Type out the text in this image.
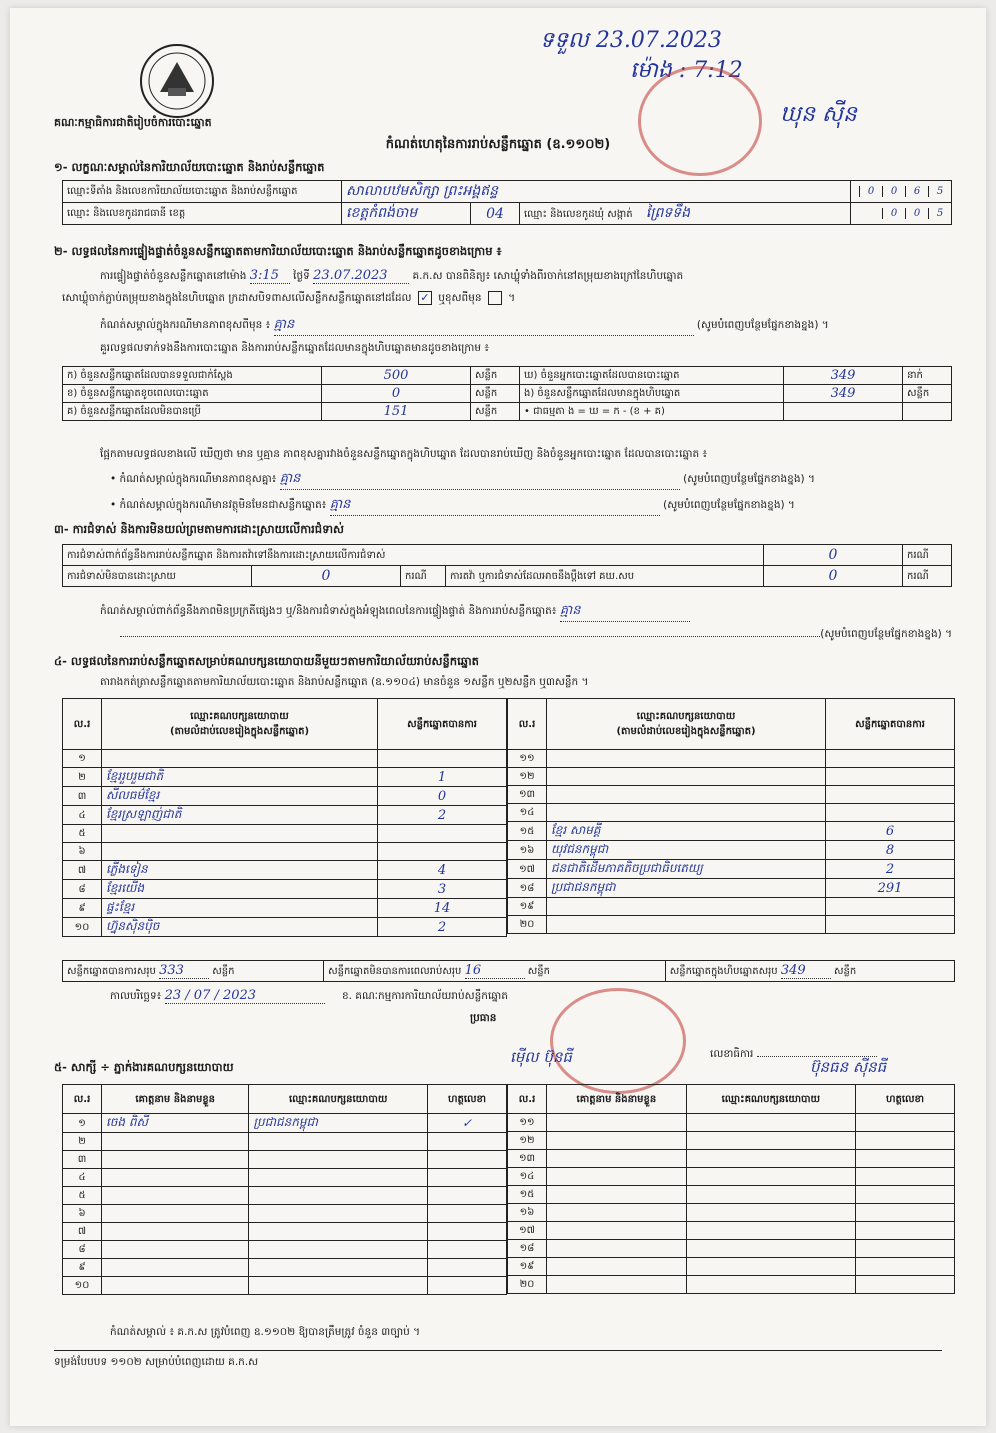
ទទួល 23.07.2023
ម៉ោង : 7:12
ឃុន ស៊ីន
គណៈកម្មាធិការជាតិរៀបចំការបោះឆ្នោត
កំណត់ហេតុនៃការរាប់សន្លឹកឆ្នោត (ឧ.១១០២)
១- លក្ខណៈសម្គាល់នៃការិយាល័យបោះឆ្នោត និងរាប់សន្លឹកឆ្នោត
ឈ្មោះទីតាំង និងលេខការិយាល័យបោះឆ្នោត និងរាប់សន្លឹកឆ្នោត	សាលាបឋមសិក្សា ព្រះអង្គឥន្ទ			0 0 6 5
ឈ្មោះ និងលេខកូដរាជធានី ខេត្ត	ខេត្តកំពង់ចាម	04	ឈ្មោះ និងលេខកូដឃុំ សង្កាត់ ព្រៃទទឹង	0 0 5
២- លទ្ធផលនៃការផ្ទៀងផ្ទាត់ចំនួនសន្លឹកឆ្នោតតាមការិយាល័យបោះឆ្នោត និងរាប់សន្លឹកឆ្នោតដូចខាងក្រោម ៖
ការផ្ទៀងផ្ទាត់ចំនួនសន្លឹកឆ្នោតនៅម៉ោង 3:15 ថ្ងៃទី 23.07.2023 គ.ក.ស បានពិនិត្យ៖ សោឃ្លុំទាំងពីរចាក់នៅតម្រុយខាងក្រៅនៃហិបឆ្នោត
សោឃ្លុំចាក់ភ្ជាប់តម្រុយខាងក្នុងនៃហិបឆ្នោត ក្រដាសបិទពាសលើសន្លឹកសន្លឹកឆ្នោតនៅដដែល ✓ ឬខុសពីមុន  ។
កំណត់សម្គាល់ក្នុងករណីមានភាពខុសពីមុន ៖ គ្មាន	(សូមបំពេញបន្ថែមផ្នែកខាងខ្នង) ។
គួរលទ្ធផលទាក់ទងនឹងការបោះឆ្នោត និងការរាប់សន្លឹកឆ្នោតដែលមានក្នុងហិបឆ្នោតមានដូចខាងក្រោម ៖
ក) ចំនួនសន្លឹកឆ្នោតដែលបានទទួលជាក់ស្តែង	500	សន្លឹក	ឃ) ចំនួនអ្នកបោះឆ្នោតដែលបានបោះឆ្នោត	349	នាក់
ខ) ចំនួនសន្លឹកឆ្នោតខូចពេលបោះឆ្នោត	0	សន្លឹក	ង) ចំនួនសន្លឹកឆ្នោតដែលមានក្នុងហិបឆ្នោត	349	សន្លឹក
គ) ចំនួនសន្លឹកឆ្នោតដែលមិនបានប្រើ	151	សន្លឹក	• ជាធម្មតា ង = ឃ = ក - (ខ + គ)		
ផ្អែកតាមលទ្ធផលខាងលើ ឃើញថា មាន ឬគ្មាន ភាពខុសគ្នារវាងចំនួនសន្លឹកឆ្នោតក្នុងហិបឆ្នោត ដែលបានរាប់ឃើញ និងចំនួនអ្នកបោះឆ្នោត ដែលបានបោះឆ្នោត ៖
• កំណត់សម្គាល់ក្នុងករណីមានភាពខុសគ្នា៖ គ្មាន	(សូមបំពេញបន្ថែមផ្នែកខាងខ្នង) ។
• កំណត់សម្គាល់ក្នុងករណីមានវត្ថុមិនមែនជាសន្លឹកឆ្នោត៖ គ្មាន	(សូមបំពេញបន្ថែមផ្នែកខាងខ្នង) ។
៣- ការជំទាស់ និងការមិនយល់ព្រមតាមការដោះស្រាយលើការជំទាស់
ការជំទាស់ពាក់ព័ន្ធនឹងការរាប់សន្លឹកឆ្នោត និងការតវ៉ាទៅនឹងការដោះស្រាយលើការជំទាស់				0	ករណី
ការជំទាស់មិនបានដោះស្រាយ	0	ករណី	ការតវ៉ា ឬការជំទាស់ដែលអាចនឹងប្តឹងទៅ គឃ.សប	0	ករណី
កំណត់សម្គាល់ពាក់ព័ន្ធនឹងភាពមិនប្រក្រតីផ្សេងៗ ឬ/និងការជំទាស់ក្នុងអំឡុងពេលនៃការផ្ទៀងផ្ទាត់ និងការរាប់សន្លឹកឆ្នោត៖ គ្មាន
(សូមបំពេញបន្ថែមផ្នែកខាងខ្នង) ។
៤- លទ្ធផលនៃការរាប់សន្លឹកឆ្នោតសម្រាប់គណបក្សនយោបាយនីមួយៗតាមការិយាល័យរាប់សន្លឹកឆ្នោត
តារាងកត់ត្រាសន្លឹកឆ្នោតតាមការិយាល័យបោះឆ្នោត និងរាប់សន្លឹកឆ្នោត (ឧ.១១០៤) មានចំនួន ១សន្លឹក ឬ២សន្លឹក ឬ៣សន្លឹក ។
ល.រ	ឈ្មោះគណបក្សនយោបាយ
(តាមលំដាប់លេខរៀងក្នុងសន្លឹកឆ្នោត)	សន្លឹកឆ្នោតបានការ
១		
២	ខ្មែររួបរួមជាតិ	1
៣	សីលធម៌ខ្មែរ	0
៤	ខ្មែរស្រឡាញ់ជាតិ	2
៥		
៦		
៧	ភ្លើងទៀន	4
៨	ខ្មែរយើង	3
៩	ផ្ទះខ្មែរ	14
១០	ហ្វ៊ុនស៊ិនប៉ិច	2
ល.រ	ឈ្មោះគណបក្សនយោបាយ
(តាមលំដាប់លេខរៀងក្នុងសន្លឹកឆ្នោត)	សន្លឹកឆ្នោតបានការ
១១		
១២		
១៣		
១៤		
១៥	ខ្មែរ សាមគ្គី	6
១៦	យុវជនកម្ពុជា	8
១៧	ជនជាតិដើមភាគតិចប្រជាធិបតេយ្យ	2
១៨	ប្រជាជនកម្ពុជា	291
១៩		
២០		
សន្លឹកឆ្នោតបានការសរុប 333	សន្លឹក	សន្លឹកឆ្នោតមិនបានការពេលរាប់សរុប 16	សន្លឹក	សន្លឹកឆ្នោតក្នុងហិបឆ្នោតសរុប 349	សន្លឹក
កាលបរិច្ឆេទ៖ 23 / 07 / 2023	ខ. គណៈកម្មការការិយាល័យរាប់សន្លឹកឆ្នោត
ប្រធាន
ម៉ើល ប៊ុនធី	លេខាធិការ
ប៊ុនធន ស៊ីនធី
៥- សាក្សី ÷ ភ្នាក់ងារគណបក្សនយោបាយ
ល.រ	គោត្តនាម និងនាមខ្លួន	ឈ្មោះគណបក្សនយោបាយ	ហត្ថលេខា
១	ចេង ពិសី	ប្រជាជនកម្ពុជា	✓
២			
៣			
៤			
៥			
៦			
៧			
៨			
៩			
១០			
ល.រ	គោត្តនាម និងនាមខ្លួន	ឈ្មោះគណបក្សនយោបាយ	ហត្ថលេខា
១១			
១២			
១៣			
១៤			
១៥			
១៦			
១៧			
១៨			
១៩			
២០			
កំណត់សម្គាល់ ៖ គ.ក.ស ត្រូវបំពេញ ឧ.១១០២ ឱ្យបានត្រឹមត្រូវ ចំនួន ៣ច្បាប់ ។
ទម្រង់បែបបទ ១១០២ សម្រាប់បំពេញដោយ គ.ក.ស
